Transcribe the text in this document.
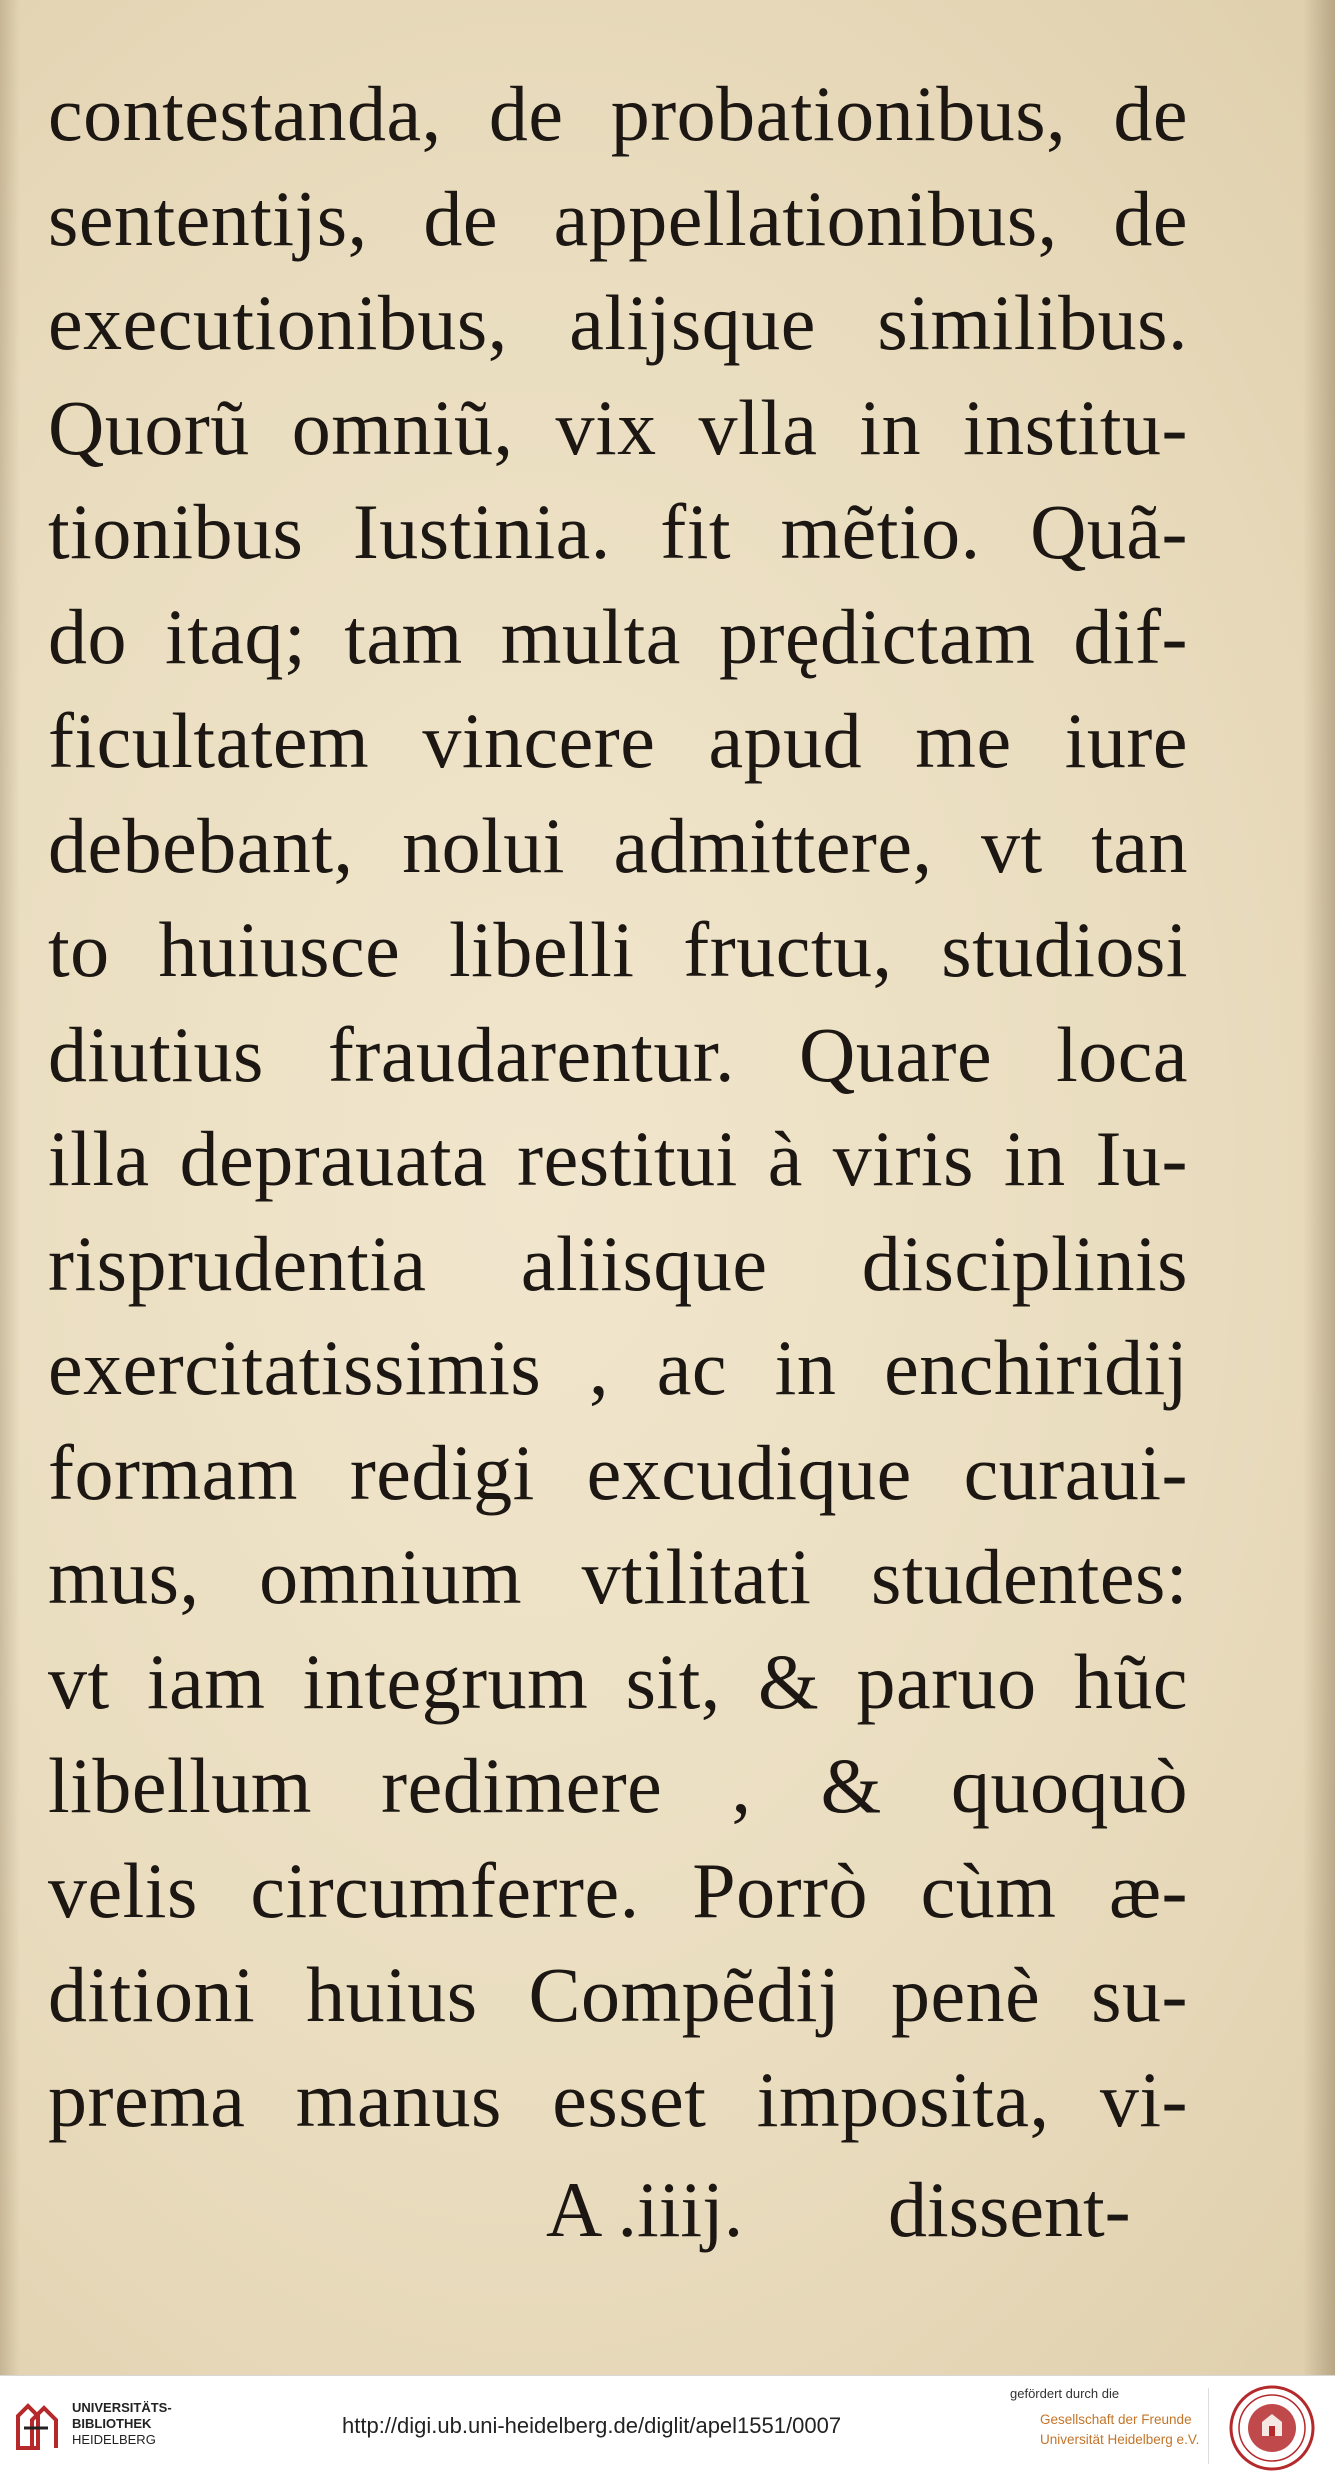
contestanda, de probationibus, de
sententijs, de appellationibus, de
executionibus, alijsque similibus.
Quorũ omniũ, vix vlla in institu-
tionibus Iustinia. fit mẽtio. Quã-
do itaq; tam multa prędictam dif-
ficultatem vincere apud me iure
debebant, nolui admittere, vt tan
to huiusce libelli fructu, studiosi
diutius fraudarentur. Quare loca
illa deprauata restitui à viris in Iu-
risprudentia aliisque disciplinis
exercitatissimis , ac in enchiridij
formam redigi excudique curaui-
mus, omnium vtilitati studentes:
vt iam integrum sit, & paruo hũc
libellum redimere , & quoquò
velis circumferre. Porrò cùm æ-
ditioni huius Compẽdij penè su-
prema manus esset imposita, vi-
A .iiij. dissent-
UNIVERSITÄTS-
BIBLIOTHEK
HEIDELBERG
http://digi.ub.uni-heidelberg.de/diglit/apel1551/0007
gefördert durch die
Gesellschaft der Freunde
Universität Heidelberg e.V.
